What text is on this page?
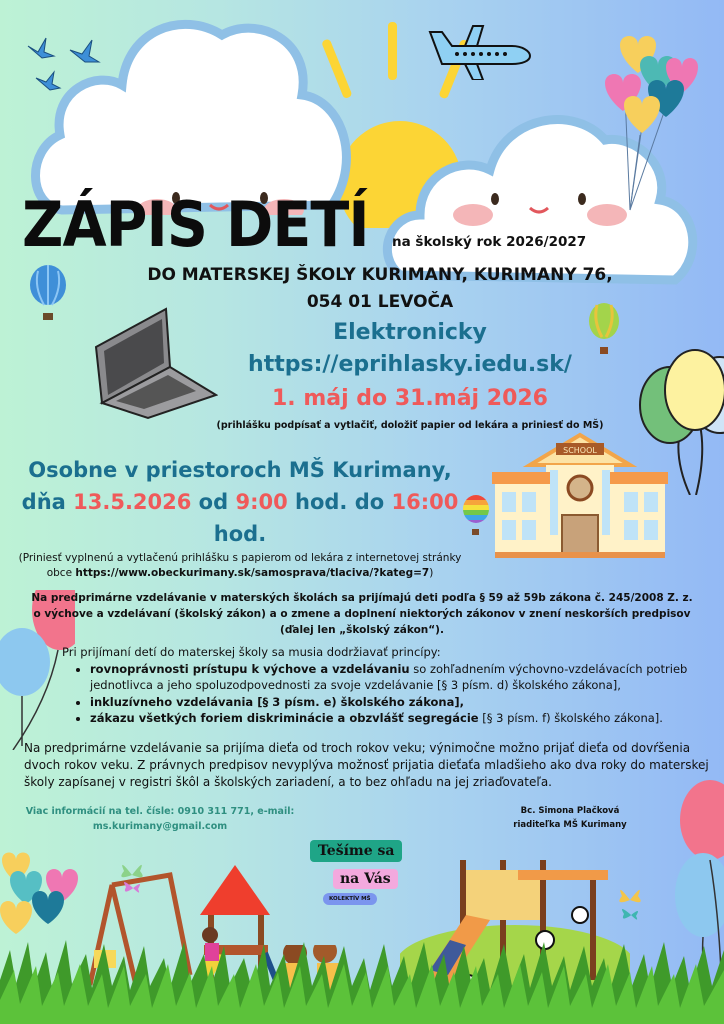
SCHOOL
ZÁPIS DETÍ na školský rok 2026/2027
DO MATERSKEJ ŠKOLY KURIMANY, KURIMANY 76,
054 01 LEVOČA
Elektronicky
https://eprihlasky.iedu.sk/
1. máj do 31.máj 2026
(prihlášku podpísať a vytlačiť, doložiť papier od lekára a priniesť do MŠ)
Osobne v priestoroch MŠ Kurimany,
dňa 13.5.2026 od 9:00 hod. do 16:00
hod.
(Priniesť vyplnenú a vytlačenú prihlášku s papierom od lekára z internetovej stránky obce https://www.obeckurimany.sk/samosprava/tlaciva/?kateg=7)
Na predprimárne vzdelávanie v materských školách sa prijímajú deti podľa § 59 až 59b zákona č. 245/2008 Z. z. o výchove a vzdelávaní (školský zákon) a o zmene a doplnení niektorých zákonov v znení neskorších predpisov (ďalej len „školský zákon“).
Pri prijímaní detí do materskej školy sa musia dodržiavať princípy:
• rovnoprávnosti prístupu k výchove a vzdelávaniu so zohľadnením výchovno-vzdelávacích potrieb jednotlivca a jeho spoluzodpovednosti za svoje vzdelávanie [§ 3 písm. d) školského zákona],
• inkluzívneho vzdelávania [§ 3 písm. e) školského zákona],
• zákazu všetkých foriem diskriminácie a obzvlášť segregácie [§ 3 písm. f) školského zákona].
Na predprimárne vzdelávanie sa prijíma dieťa od troch rokov veku; výnimočne možno prijať dieťa od dovŕšenia dvoch rokov veku. Z právnych predpisov nevyplýva možnosť prijatia dieťaťa mladšieho ako dva roky do materskej školy zapísanej v registri škôl a školských zariadení, a to bez ohľadu na jej zriaďovateľa.
Viac informácií na tel. čísle: 0910 311 771, e-mail:
ms.kurimany@gmail.com
Bc. Simona Plačková
riaditeľka MŠ Kurimany
Tešíme sa
na Vás
KOLEKTÍV MŠ
